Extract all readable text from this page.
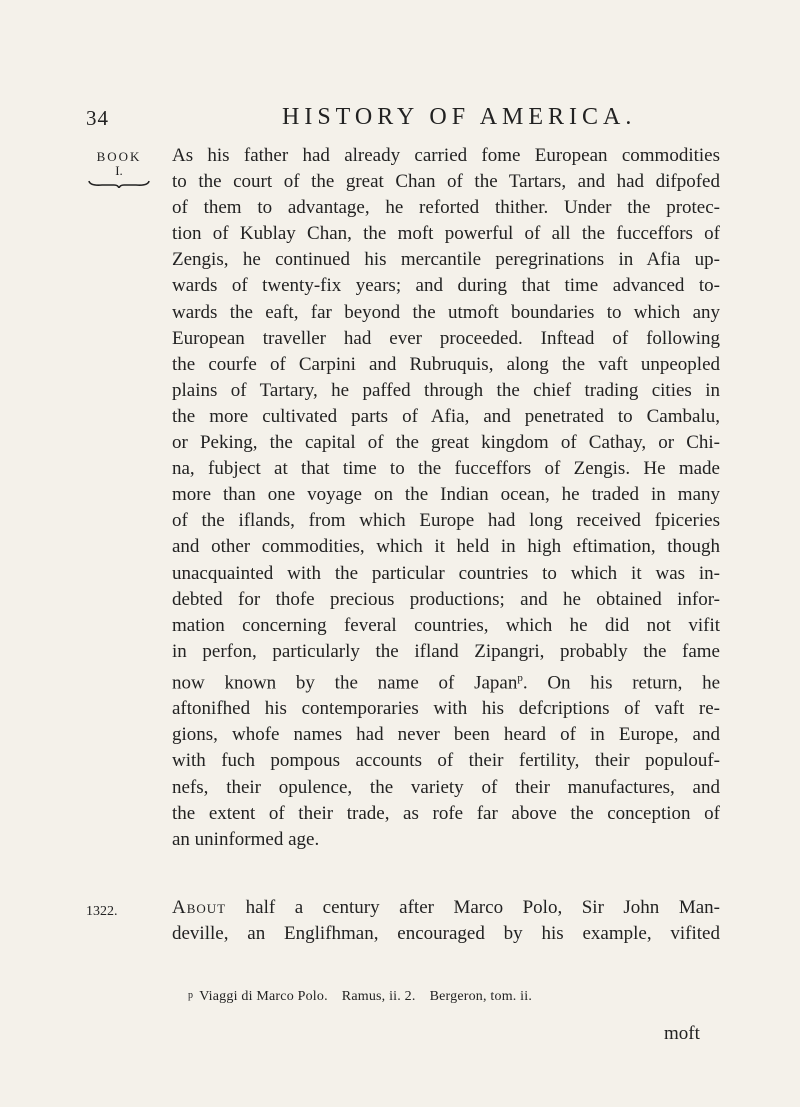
34	HISTORY OF AMERICA.
BOOK
I.
As his father had already carried fome European commodities
to the court of the great Chan of the Tartars, and had difpofed
of them to advantage, he reforted thither. Under the protec-
tion of Kublay Chan, the moft powerful of all the fucceffors of
Zengis, he continued his mercantile peregrinations in Afia up-
wards of twenty-fix years; and during that time advanced to-
wards the eaft, far beyond the utmoft boundaries to which any
European traveller had ever proceeded. Inftead of following
the courfe of Carpini and Rubruquis, along the vaft unpeopled
plains of Tartary, he paffed through the chief trading cities in
the more cultivated parts of Afia, and penetrated to Cambalu,
or Peking, the capital of the great kingdom of Cathay, or Chi-
na, fubject at that time to the fucceffors of Zengis. He made
more than one voyage on the Indian ocean, he traded in many
of the iflands, from which Europe had long received fpiceries
and other commodities, which it held in high eftimation, though
unacquainted with the particular countries to which it was in-
debted for thofe precious productions; and he obtained infor-
mation concerning feveral countries, which he did not vifit
in perfon, particularly the ifland Zipangri, probably the fame
now known by the name of Japan$^p$. On his return, he
aftonifhed his contemporaries with his defcriptions of vaft re-
gions, whofe names had never been heard of in Europe, and
with fuch pompous accounts of their fertility, their populouf-
nefs, their opulence, the variety of their manufactures, and
the extent of their trade, as rofe far above the conception of
an uninformed age.
1322.	About half a century after Marco Polo, Sir John Man-
deville, an Englifhman, encouraged by his example, vifited
p Viaggi di Marco Polo. Ramus, ii. 2. Bergeron, tom. ii.
moft
